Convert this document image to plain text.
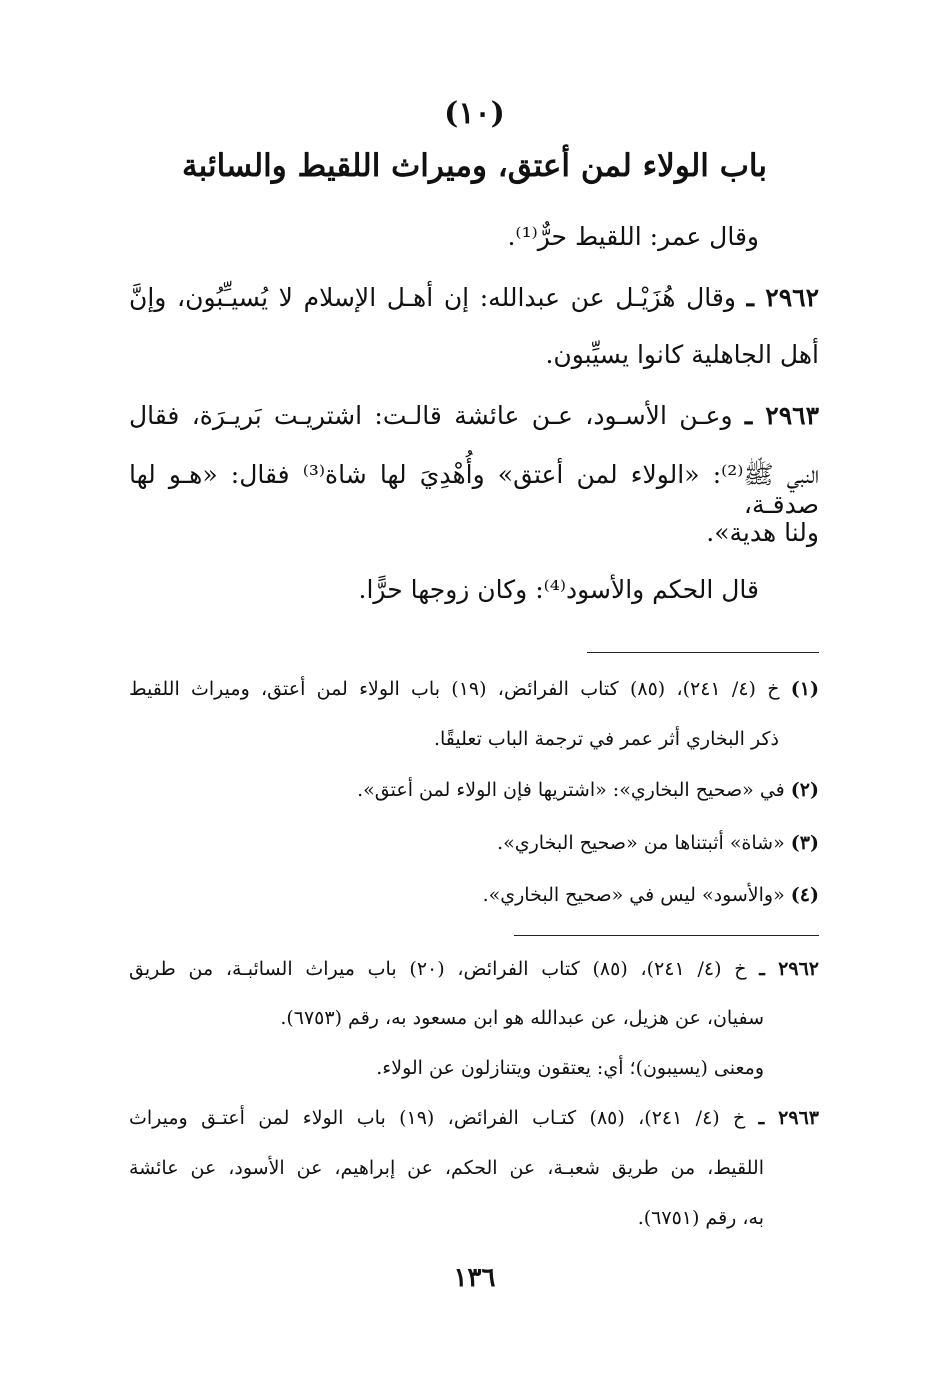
(١٠)
باب الولاء لمن أعتق، وميراث اللقيط والسائبة
وقال عمر: اللقيط حرٌّ⁽¹⁾.
٢٩٦٢ ـ وقال هُزَيْـل عن عبدالله: إن أهـل الإسلام لا يُسيـِّبُون، وإنَّ
أهل الجاهلية كانوا يسيِّبون.
٢٩٦٣ ـ وعـن الأسـود، عـن عائشة قالـت: اشتريـت بَريـرَة، فقال
النبي ﷺ⁽²⁾: «الولاء لمن أعتق» وأُهْدِيَ لها شاة⁽³⁾ فقال: «هـو لها صدقـة،
ولنا هدية».
قال الحكم والأسود⁽⁴⁾: وكان زوجها حرًّا.
(١) خ (٤/ ٢٤١)، (٨٥) كتاب الفرائض، (١٩) باب الولاء لمن أعتق، وميراث اللقيط
ذكر البخاري أثر عمر في ترجمة الباب تعليقًا.
(٢) في «صحيح البخاري»: «اشتريها فإن الولاء لمن أعتق».
(٣) «شاة» أثبتناها من «صحيح البخاري».
(٤) «والأسود» ليس في «صحيح البخاري».
٢٩٦٢ ـ خ (٤/ ٢٤١)، (٨٥) كتاب الفرائض، (٢٠) باب ميراث السائبـة، من طريق
سفيان، عن هزيل، عن عبدالله هو ابن مسعود به، رقم (٦٧٥٣).
ومعنى (يسيبون)؛ أي: يعتقون ويتنازلون عن الولاء.
٢٩٦٣ ـ خ (٤/ ٢٤١)، (٨٥) كتـاب الفرائض، (١٩) باب الولاء لمن أعتـق وميراث
اللقيط، من طريق شعبـة، عن الحكم، عن إبراهيم، عن الأسود، عن عائشة
به، رقم (٦٧٥١).
١٣٦
